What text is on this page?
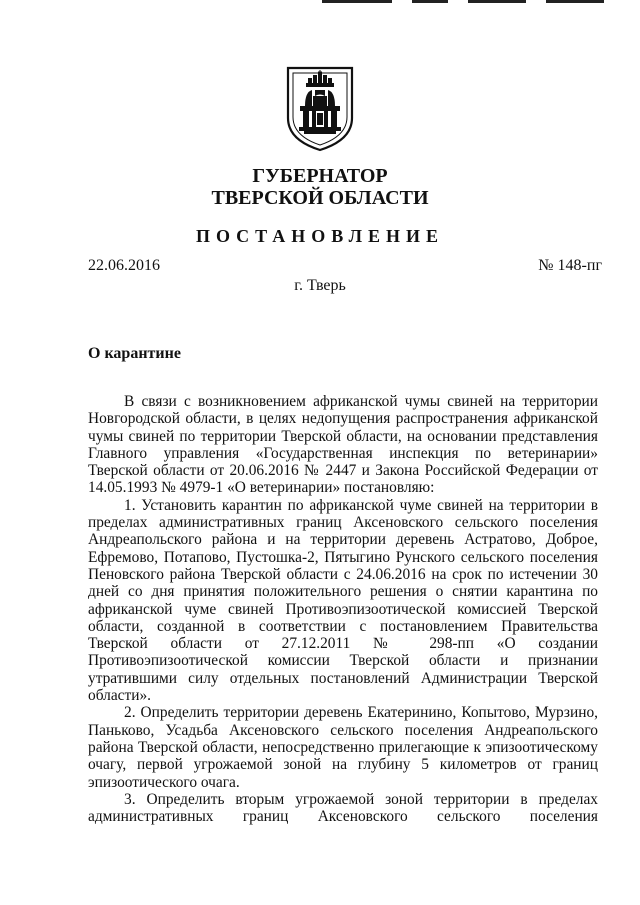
ГУБЕРНАТОР
ТВЕРСКОЙ ОБЛАСТИ
ПОСТАНОВЛЕНИЕ
22.06.2016	№ 148-пг
г. Тверь
О карантине

В связи с возникновением африканской чумы свиней на территории Новгородской области, в целях недопущения распространения африканской чумы свиней по территории Тверской области, на основании представления Главного управления «Государственная инспекция по ветеринарии» Тверской области от 20.06.2016 № 2447 и Закона Российской Федерации от 14.05.1993 № 4979-1 «О ветеринарии» постановляю:

1. Установить карантин по африканской чуме свиней на территории в пределах административных границ Аксеновского сельского поселения Андреапольского района и на территории деревень Астратово, Доброе, Ефремово, Потапово, Пустошка-2, Пятыгино Рунского сельского поселения Пеновского района Тверской области с 24.06.2016 на срок по истечении 30 дней со дня принятия положительного решения о снятии карантина по африканской чуме свиней Противоэпизоотической комиссией Тверской области, созданной в соответствии с постановлением Правительства Тверской области от 27.12.2011 № 298-пп «О создании Противоэпизоотической комиссии Тверской области и признании утратившими силу отдельных постановлений Администрации Тверской области».

2. Определить территории деревень Екатеринино, Копытово, Мурзино, Паньково, Усадьба Аксеновского сельского поселения Андреапольского района Тверской области, непосредственно прилегающие к эпизоотическому очагу, первой угрожаемой зоной на глубину 5 километров от границ эпизоотического очага.

3. Определить вторым угрожаемой зоной территории в пределах административных границ Аксеновского сельского поселения
